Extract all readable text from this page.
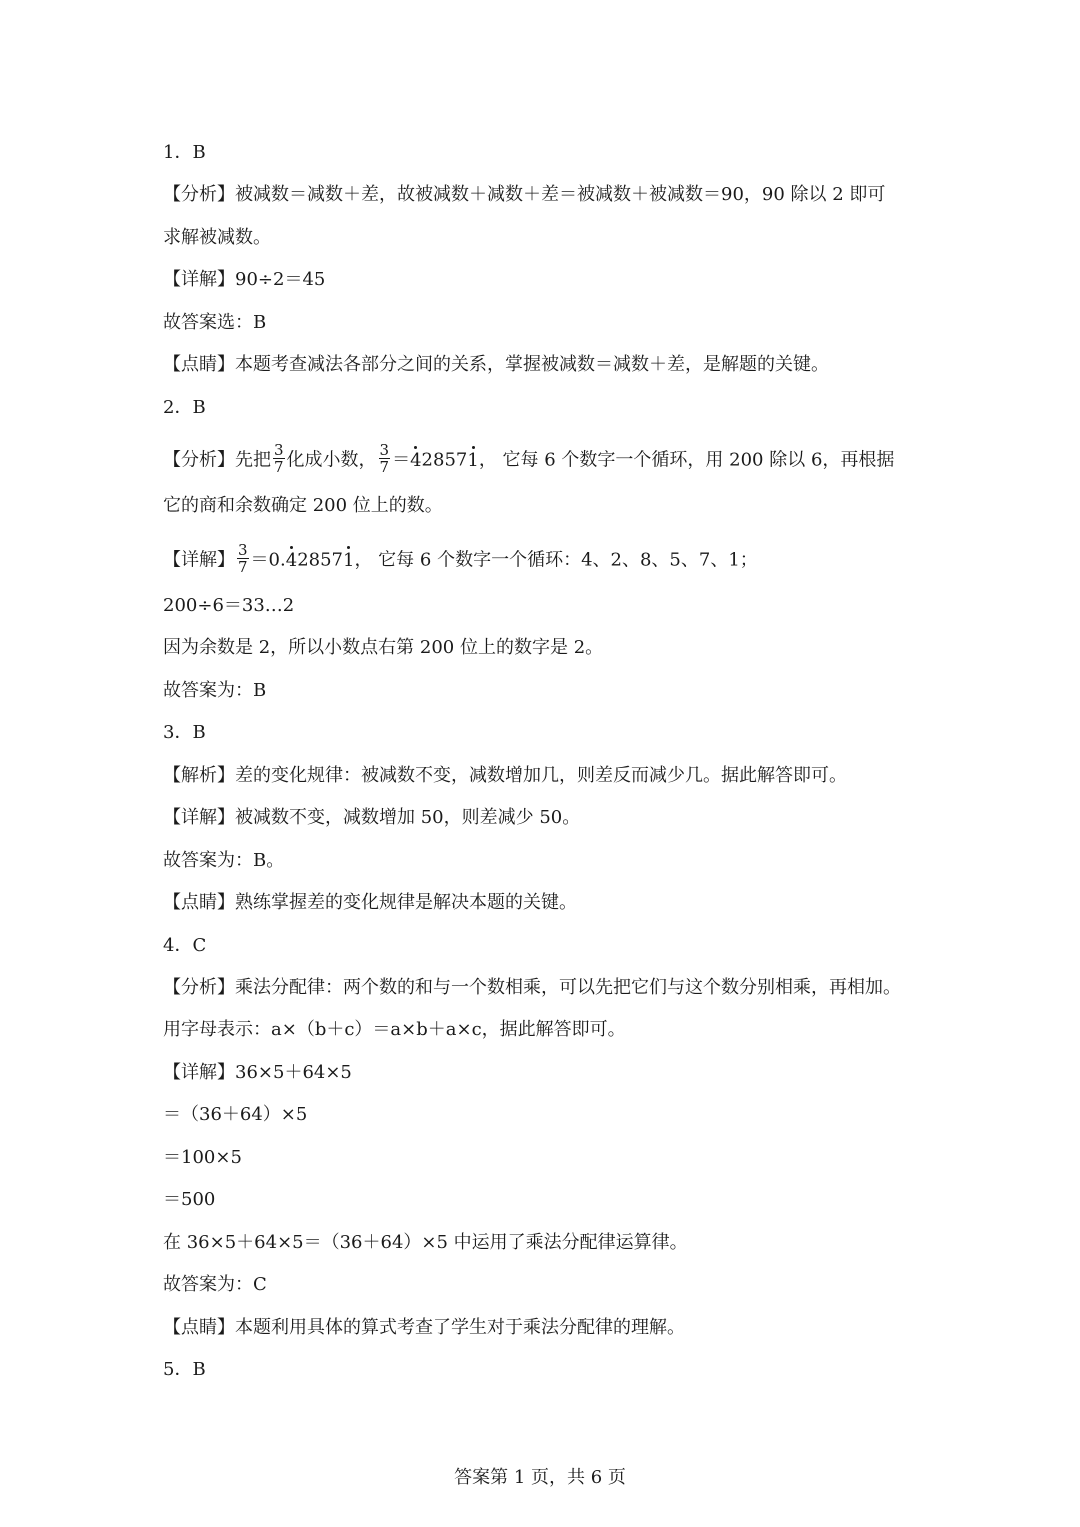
1．B
【分析】被减数＝减数＋差，故被减数＋减数＋差＝被减数＋被减数＝90，90 除以 2 即可
求解被减数。
【详解】90÷2＝45
故答案选：B
【点睛】本题考查减法各部分之间的关系，掌握被减数＝减数＋差，是解题的关键。
2．B
【分析】先把 $\frac{3}{7}$ 化成小数， $\frac{3}{7} =428571$， 它每 6 个数字一个循环，用 200 除以 6，再根据
它的商和余数确定 200 位上的数。
【详解】 $\frac{3}{7} =0.428571$， 它每 6 个数字一个循环：4、2、8、5、7、1；
200÷6＝33…2
因为余数是 2，所以小数点右第 200 位上的数字是 2。
故答案为：B
3．B
【解析】差的变化规律：被减数不变，减数增加几，则差反而减少几。据此解答即可。
【详解】被减数不变，减数增加 50，则差减少 50。
故答案为：B。
【点睛】熟练掌握差的变化规律是解决本题的关键。
4．C
【分析】乘法分配律：两个数的和与一个数相乘，可以先把它们与这个数分别相乘，再相加。
用字母表示：a×（b＋c）＝a×b＋a×c，据此解答即可。
【详解】36×5＋64×5
＝（36＋64）×5
＝100×5
＝500
在 36×5＋64×5＝（36＋64）×5 中运用了乘法分配律运算律。
故答案为：C
【点睛】本题利用具体的算式考查了学生对于乘法分配律的理解。
5．B
答案第 1 页，共 6 页
